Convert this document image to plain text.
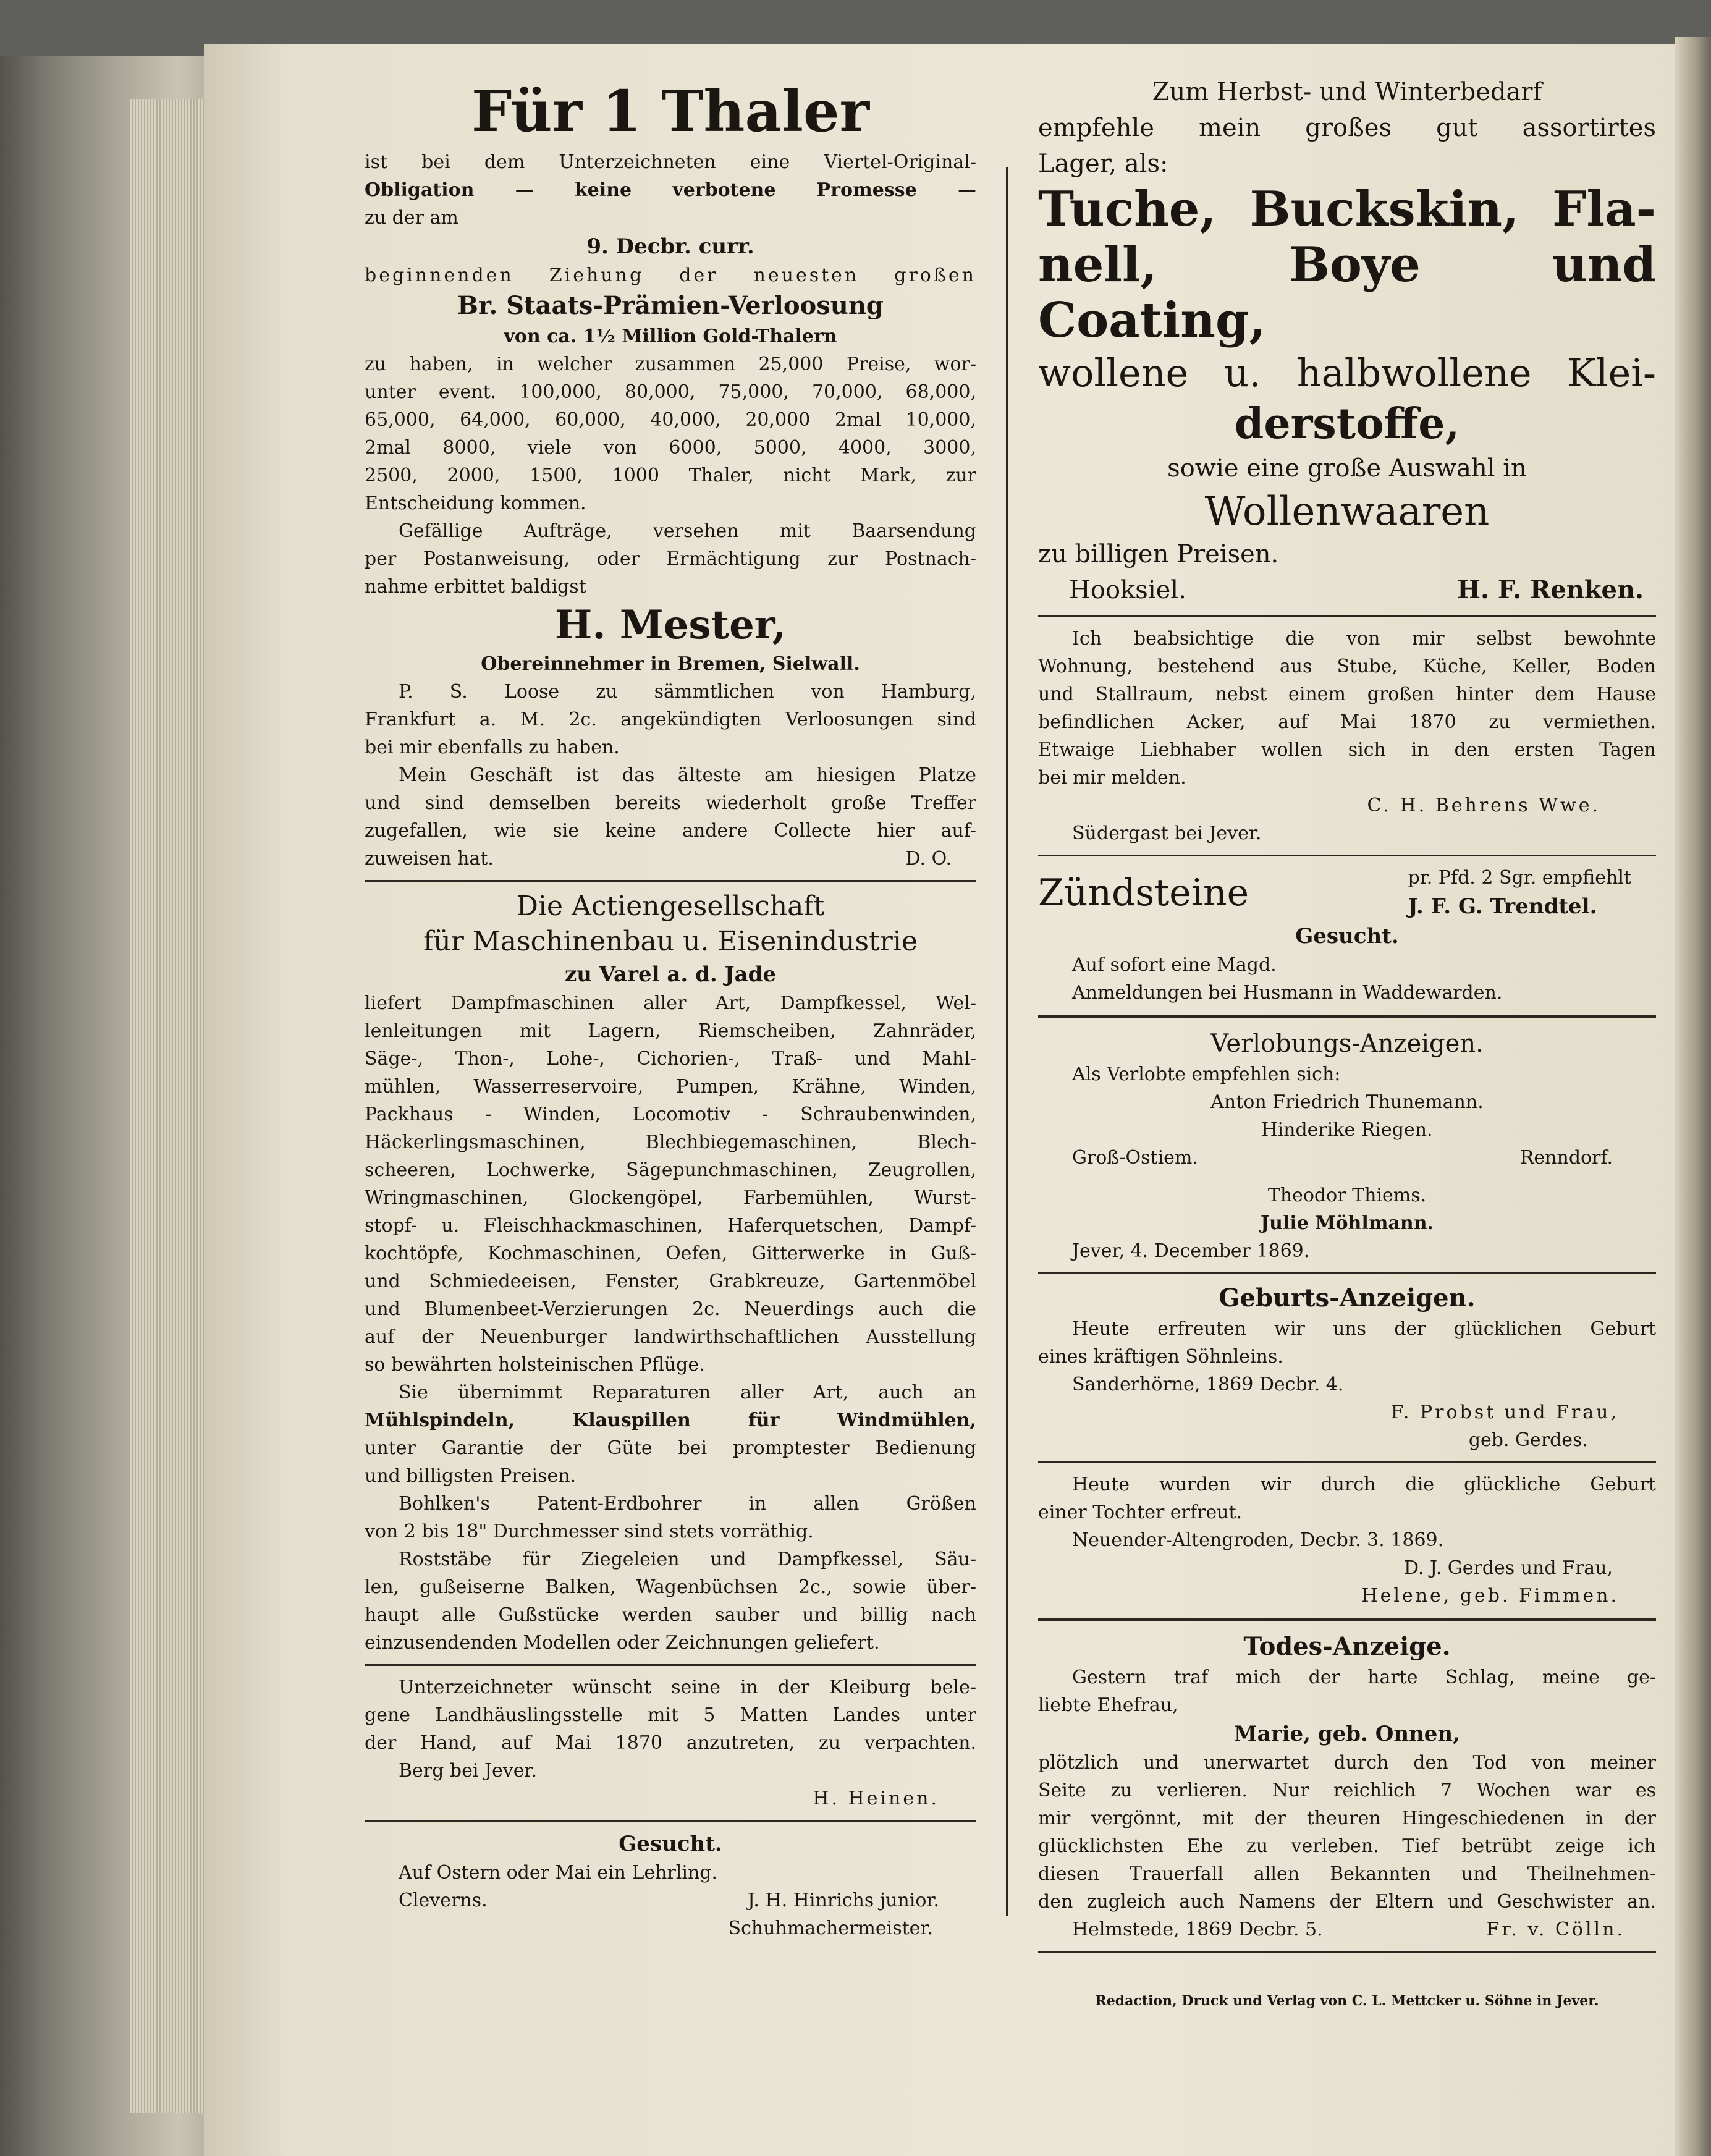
Für 1 Thaler
ist bei dem Unterzeichneten eine Viertel-Original-
Obligation — keine verbotene Promesse —
zu der am
9. Decbr. curr.
beginnenden Ziehung der neuesten großen
Br. Staats-Prämien-Verloosung
von ca. 1½ Million Gold-Thalern
zu haben, in welcher zusammen 25,000 Preise, wor-
unter event. 100,000, 80,000, 75,000, 70,000, 68,000,
65,000, 64,000, 60,000, 40,000, 20,000 2mal 10,000,
2mal 8000, viele von 6000, 5000, 4000, 3000,
2500, 2000, 1500, 1000 Thaler, nicht Mark, zur
Entscheidung kommen.
Gefällige Aufträge, versehen mit Baarsendung
per Postanweisung, oder Ermächtigung zur Postnach-
nahme erbittet baldigst
H. Mester,
Obereinnehmer in Bremen, Sielwall.
P. S. Loose zu sämmtlichen von Hamburg,
Frankfurt a. M. 2c. angekündigten Verloosungen sind
bei mir ebenfalls zu haben.
Mein Geschäft ist das älteste am hiesigen Platze
und sind demselben bereits wiederholt große Treffer
zugefallen, wie sie keine andere Collecte hier auf-
zuweisen hat.	D. O.
Die Actiengesellschaft
für Maschinenbau u. Eisenindustrie
zu Varel a. d. Jade
liefert Dampfmaschinen aller Art, Dampfkessel, Wel-
lenleitungen mit Lagern, Riemscheiben, Zahnräder,
Säge-, Thon-, Lohe-, Cichorien-, Traß- und Mahl-
mühlen, Wasserreservoire, Pumpen, Krähne, Winden,
Packhaus - Winden, Locomotiv - Schraubenwinden,
Häckerlingsmaschinen, Blechbiegemaschinen, Blech-
scheeren, Lochwerke, Sägepunchmaschinen, Zeugrollen,
Wringmaschinen, Glockengöpel, Farbemühlen, Wurst-
stopf- u. Fleischhackmaschinen, Haferquetschen, Dampf-
kochtöpfe, Kochmaschinen, Oefen, Gitterwerke in Guß-
und Schmiedeeisen, Fenster, Grabkreuze, Gartenmöbel
und Blumenbeet-Verzierungen 2c. Neuerdings auch die
auf der Neuenburger landwirthschaftlichen Ausstellung
so bewährten holsteinischen Pflüge.
Sie übernimmt Reparaturen aller Art, auch an
Mühlspindeln, Klauspillen für Windmühlen,
unter Garantie der Güte bei promptester Bedienung
und billigsten Preisen.
Bohlken's Patent-Erdbohrer in allen Größen
von 2 bis 18" Durchmesser sind stets vorräthig.
Roststäbe für Ziegeleien und Dampfkessel, Säu-
len, gußeiserne Balken, Wagenbüchsen 2c., sowie über-
haupt alle Gußstücke werden sauber und billig nach
einzusendenden Modellen oder Zeichnungen geliefert.
Unterzeichneter wünscht seine in der Kleiburg bele-
gene Landhäuslingsstelle mit 5 Matten Landes unter
der Hand, auf Mai 1870 anzutreten, zu verpachten.
Berg bei Jever.
H. Heinen.
Gesucht.
Auf Ostern oder Mai ein Lehrling.
Cleverns.	J. H. Hinrichs junior.
Schuhmachermeister.
Zum Herbst- und Winterbedarf
empfehle mein großes gut assortirtes
Lager, als:
Tuche, Buckskin, Fla-
nell, Boye und Coating,
wollene u. halbwollene Klei-
derstoffe,
sowie eine große Auswahl in
Wollenwaaren
zu billigen Preisen.
Hooksiel.	H. F. Renken.
Ich beabsichtige die von mir selbst bewohnte
Wohnung, bestehend aus Stube, Küche, Keller, Boden
und Stallraum, nebst einem großen hinter dem Hause
befindlichen Acker, auf Mai 1870 zu vermiethen.
Etwaige Liebhaber wollen sich in den ersten Tagen
bei mir melden.
C. H. Behrens Wwe.
Südergast bei Jever.
Zündsteine	pr. Pfd. 2 Sgr. empfiehlt
J. F. G. Trendtel.
Gesucht.
Auf sofort eine Magd.
Anmeldungen bei Husmann in Waddewarden.
Verlobungs-Anzeigen.
Als Verlobte empfehlen sich:
Anton Friedrich Thunemann.
Hinderike Riegen.
Groß-Ostiem.	Renndorf.
Theodor Thiems.
Julie Möhlmann.
Jever, 4. December 1869.
Geburts-Anzeigen.
Heute erfreuten wir uns der glücklichen Geburt
eines kräftigen Söhnleins.
Sanderhörne, 1869 Decbr. 4.
F. Probst und Frau,
geb. Gerdes.
Heute wurden wir durch die glückliche Geburt
einer Tochter erfreut.
Neuender-Altengroden, Decbr. 3. 1869.
D. J. Gerdes und Frau,
Helene, geb. Fimmen.
Todes-Anzeige.
Gestern traf mich der harte Schlag, meine ge-
liebte Ehefrau,
Marie, geb. Onnen,
plötzlich und unerwartet durch den Tod von meiner
Seite zu verlieren. Nur reichlich 7 Wochen war es
mir vergönnt, mit der theuren Hingeschiedenen in der
glücklichsten Ehe zu verleben. Tief betrübt zeige ich
diesen Trauerfall allen Bekannten und Theilnehmen-
den zugleich auch Namens der Eltern und Geschwister an.
Helmstede, 1869 Decbr. 5.	Fr. v. Cölln.
Redaction, Druck und Verlag von C. L. Mettcker u. Söhne in Jever.
